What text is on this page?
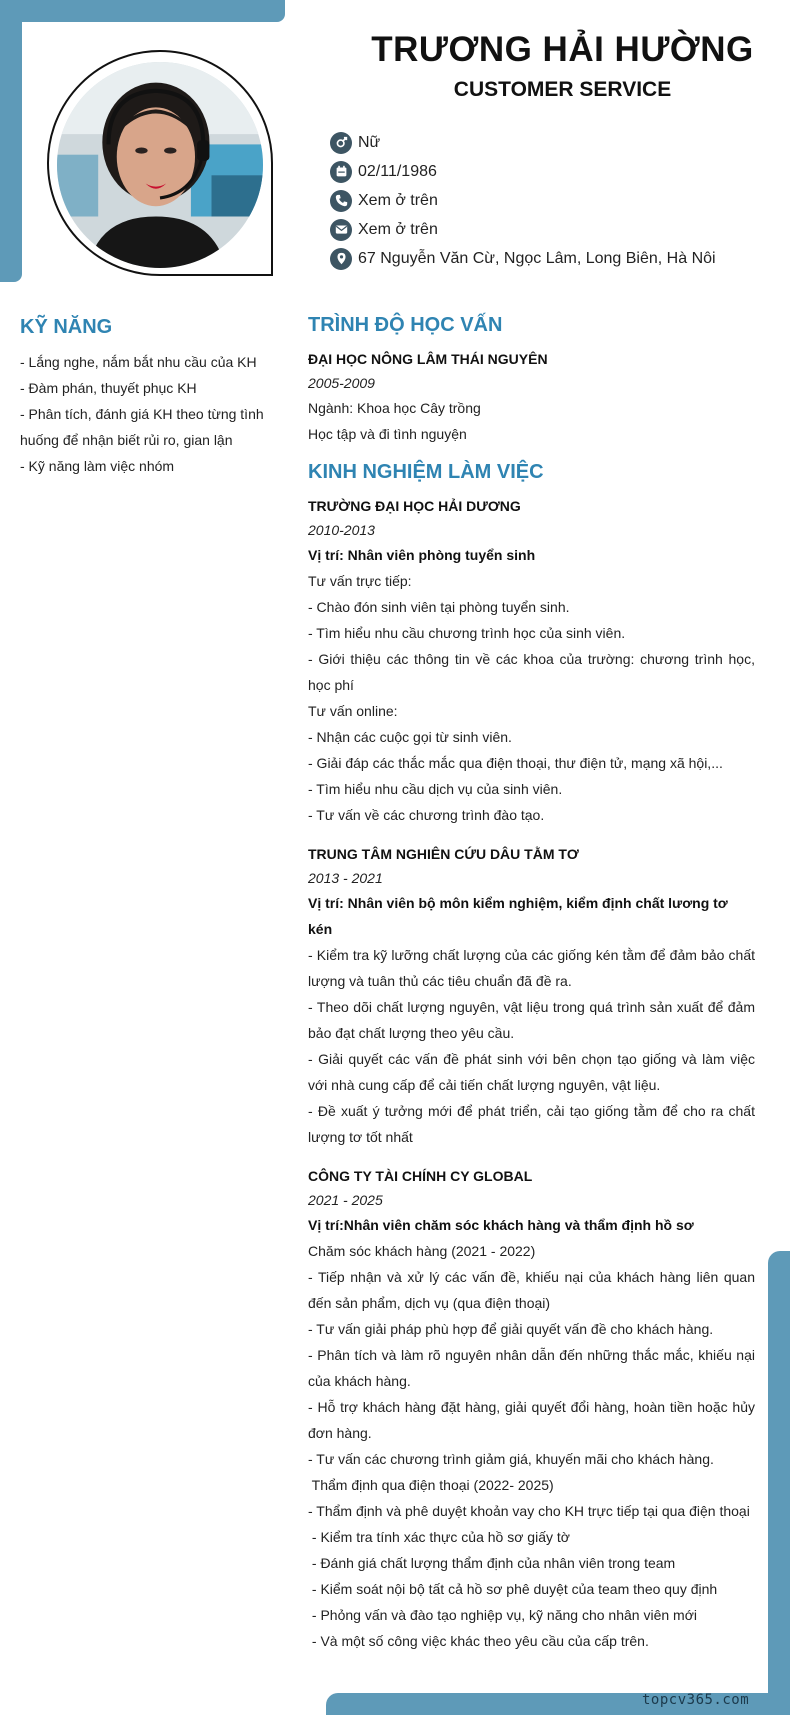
TRƯƠNG HẢI HƯỜNG
CUSTOMER SERVICE
Nữ
02/11/1986
Xem ở trên
Xem ở trên
67 Nguyễn Văn Cừ, Ngọc Lâm, Long Biên, Hà Nôi
KỸ NĂNG
- Lắng nghe, nắm bắt nhu cầu của KH
- Đàm phán, thuyết phục KH
- Phân tích, đánh giá KH theo từng tình huống để nhận biết rủi ro, gian lận
- Kỹ năng làm việc nhóm
TRÌNH ĐỘ HỌC VẤN
ĐẠI HỌC NÔNG LÂM THÁI NGUYÊN
2005-2009
Ngành: Khoa học Cây trồng
Học tập và đi tình nguyện
KINH NGHIỆM LÀM VIỆC
TRƯỜNG ĐẠI HỌC HẢI DƯƠNG
2010-2013
Vị trí: Nhân viên phòng tuyển sinh
Tư vấn trực tiếp:
- Chào đón sinh viên tại phòng tuyển sinh.
- Tìm hiểu nhu cầu chương trình học của sinh viên.
- Giới thiệu các thông tin về các khoa của trường: chương trình học, học phí
Tư vấn online:
- Nhận các cuộc gọi từ sinh viên.
- Giải đáp các thắc mắc qua điện thoại, thư điện tử, mạng xã hội,...
- Tìm hiểu nhu cầu dịch vụ của sinh viên.
- Tư vấn về các chương trình đào tạo.
TRUNG TÂM NGHIÊN CỨU DÂU TẰM TƠ
2013 - 2021
Vị trí: Nhân viên bộ môn kiểm nghiệm, kiểm định chất lương tơ kén
- Kiểm tra kỹ lưỡng chất lượng của các giống kén tằm để đảm bảo chất lượng và tuân thủ các tiêu chuẩn đã đề ra.
- Theo dõi chất lượng nguyên, vật liệu trong quá trình sản xuất để đảm bảo đạt chất lượng theo yêu cầu.
- Giải quyết các vấn đề phát sinh với bên chọn tạo giống và làm việc với nhà cung cấp để cải tiến chất lượng nguyên, vật liệu.
- Đề xuất ý tưởng mới để phát triển, cải tạo giống tằm để cho ra chất lượng tơ tốt nhất
CÔNG TY TÀI CHÍNH CY GLOBAL
2021 - 2025
Vị trí:Nhân viên chăm sóc khách hàng và thẩm định hồ sơ
Chăm sóc khách hàng (2021 - 2022)
- Tiếp nhận và xử lý các vấn đề, khiếu nại của khách hàng liên quan đến sản phẩm, dịch vụ (qua điện thoại)
- Tư vấn giải pháp phù hợp để giải quyết vấn đề cho khách hàng.
- Phân tích và làm rõ nguyên nhân dẫn đến những thắc mắc, khiếu nại của khách hàng.
- Hỗ trợ khách hàng đặt hàng, giải quyết đổi hàng, hoàn tiền hoặc hủy đơn hàng.
- Tư vấn các chương trình giảm giá, khuyến mãi cho khách hàng.
Thẩm định qua điện thoại (2022- 2025)
- Thẩm định và phê duyệt khoản vay cho KH trực tiếp tại qua điện thoại
- Kiểm tra tính xác thực của hồ sơ giấy tờ
- Đánh giá chất lượng thẩm định của nhân viên trong team
- Kiểm soát nội bộ tất cả hồ sơ phê duyệt của team theo quy định
- Phỏng vấn và đào tạo nghiệp vụ, kỹ năng cho nhân viên mới
- Và một số công việc khác theo yêu cầu của cấp trên.
topcv365.com
